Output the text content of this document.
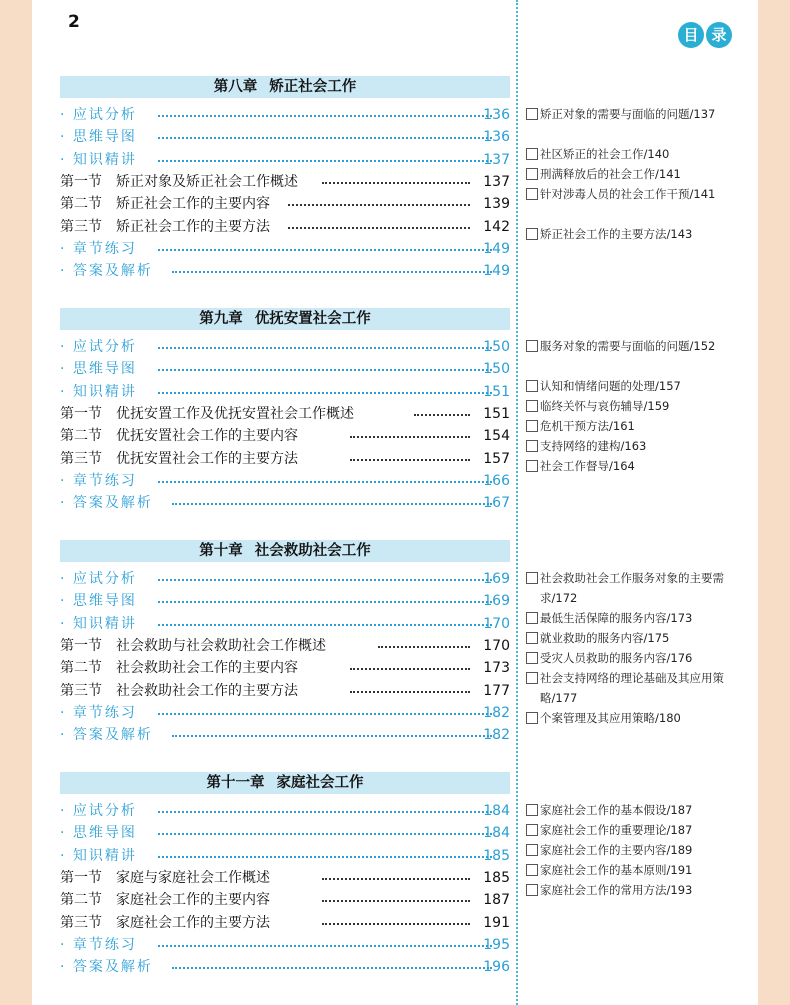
2
目 录
第八章 矫正社会工作
· 应试分析	136
· 思维导图	136
· 知识精讲	137
第一节　矫正对象及矫正社会工作概述	137
第二节　矫正社会工作的主要内容	139
第三节　矫正社会工作的主要方法	142
· 章节练习	149
· 答案及解析	149
矫正对象的需要与面临的问题/137
社区矫正的社会工作/140
刑满释放后的社会工作/141
针对涉毒人员的社会工作干预/141
矫正社会工作的主要方法/143
第九章 优抚安置社会工作
· 应试分析	150
· 思维导图	150
· 知识精讲	151
第一节　优抚安置工作及优抚安置社会工作概述	151
第二节　优抚安置社会工作的主要内容	154
第三节　优抚安置社会工作的主要方法	157
· 章节练习	166
· 答案及解析	167
服务对象的需要与面临的问题/152
认知和情绪问题的处理/157
临终关怀与哀伤辅导/159
危机干预方法/161
支持网络的建构/163
社会工作督导/164
第十章 社会救助社会工作
· 应试分析	169
· 思维导图	169
· 知识精讲	170
第一节　社会救助与社会救助社会工作概述	170
第二节　社会救助社会工作的主要内容	173
第三节　社会救助社会工作的主要方法	177
· 章节练习	182
· 答案及解析	182
社会救助社会工作服务对象的主要需求/172
最低生活保障的服务内容/173
就业救助的服务内容/175
受灾人员救助的服务内容/176
社会支持网络的理论基础及其应用策略/177
个案管理及其应用策略/180
第十一章 家庭社会工作
· 应试分析	184
· 思维导图	184
· 知识精讲	185
第一节　家庭与家庭社会工作概述	185
第二节　家庭社会工作的主要内容	187
第三节　家庭社会工作的主要方法	191
· 章节练习	195
· 答案及解析	196
家庭社会工作的基本假设/187
家庭社会工作的重要理论/187
家庭社会工作的主要内容/189
家庭社会工作的基本原则/191
家庭社会工作的常用方法/193
